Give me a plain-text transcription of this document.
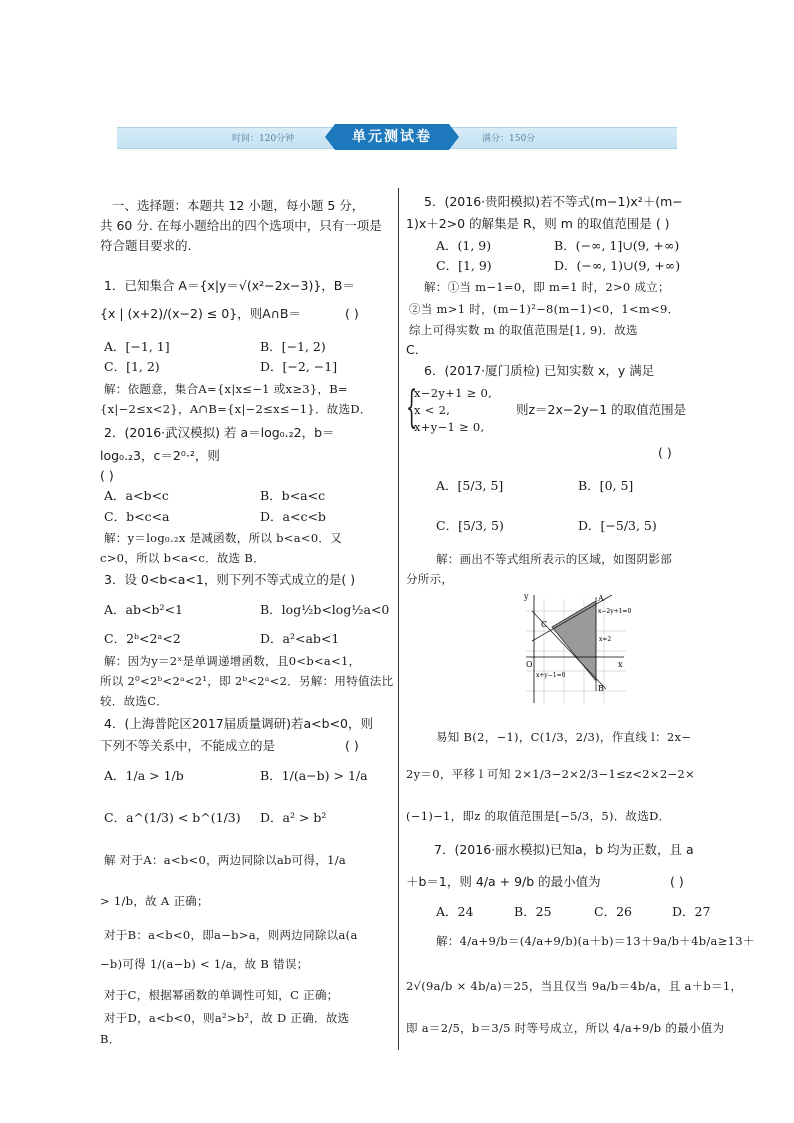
时间：120分钟	单元测试卷	满分：150分
一、选择题：本题共 12 小题，每小题 5 分，
共 60 分. 在每小题给出的四个选项中，只有一项是
符合题目要求的.
1．已知集合 A＝{x|y＝√(x²−2x−3)}，B＝
{x | (x+2)/(x−2) ≤ 0}，则A∩B＝	( )
A．[−1, 1]	B．[−1, 2)
C．[1, 2)	D．[−2, −1]
解：依题意，集合A={x|x≤−1 或x≥3}，B=
{x|−2≤x<2}，A∩B={x|−2≤x≤−1}．故选D．
2．(2016·武汉模拟) 若 a＝log₀.₂2，b＝
log₀.₂3，c＝2⁰·²，则
( )
A．a<b<c	B．b<a<c
C．b<c<a	D．a<c<b
解：y＝log₀.₂x 是减函数，所以 b<a<0．又
c>0，所以 b<a<c．故选 B．
3．设 0<b<a<1，则下列不等式成立的是( )
A．ab<b²<1	B．log½b<log½a<0
C．2ᵇ<2ᵃ<2	D．a²<ab<1
解：因为y＝2ˣ是单调递增函数，且0<b<a<1，
所以 2⁰<2ᵇ<2ᵃ<2¹，即 2ᵇ<2ᵃ<2．另解：用特值法比
较．故选C．
4．(上海普陀区2017届质量调研)若a<b<0，则
下列不等关系中，不能成立的是	( )
A．1/a > 1/b	B．1/(a−b) > 1/a
C．a^(1/3) < b^(1/3) D．a² > b²
解 对于A：a<b<0，两边同除以ab可得，1/a
> 1/b，故 A 正确；
对于B：a<b<0，即a−b>a，则两边同除以a(a
−b)可得 1/(a−b) < 1/a，故 B 错误；
对于C，根据幂函数的单调性可知，C 正确；
对于D，a<b<0，则a²>b²，故 D 正确．故选
B．
5．(2016·贵阳模拟)若不等式(m−1)x²＋(m−
1)x＋2>0 的解集是 R，则 m 的取值范围是 ( )
A．(1, 9)	B．(−∞, 1]∪(9, +∞)
C．[1, 9)	D．(−∞, 1)∪(9, +∞)
解：①当 m−1=0，即 m=1 时，2>0 成立；
②当 m>1 时，(m−1)²−8(m−1)<0，1<m<9．
综上可得实数 m 的取值范围是[1, 9)．故选
C．
6．(2017·厦门质检) 已知实数 x，y 满足
x−2y+1 ≥ 0,
x < 2,
x+y−1 ≥ 0,
{	则z＝2x−2y−1 的取值范围是
( )
A．[5/3, 5]	B．[0, 5]
C．[5/3, 5)	D．[−5/3, 5)
解：画出不等式组所表示的区域，如图阴影部
分所示，
y
x
O
A
B
C
x−2y+1=0
x=2
x+y−1=0
易知 B(2，−1)，C(1/3，2/3)，作直线 l：2x−
2y＝0，平移 l 可知 2×1/3−2×2/3−1≤z<2×2−2×
(−1)−1，即z 的取值范围是[−5/3，5)．故选D．
7．(2016·丽水模拟)已知a，b 均为正数，且 a
＋b＝1，则 4/a + 9/b 的最小值为	( )
A．24	B．25	C．26	D．27
解：4/a+9/b＝(4/a+9/b)(a＋b)＝13＋9a/b＋4b/a≥13＋
2√(9a/b × 4b/a)＝25，当且仅当 9a/b＝4b/a，且 a＋b＝1，
即 a＝2/5，b＝3/5 时等号成立，所以 4/a+9/b 的最小值为
